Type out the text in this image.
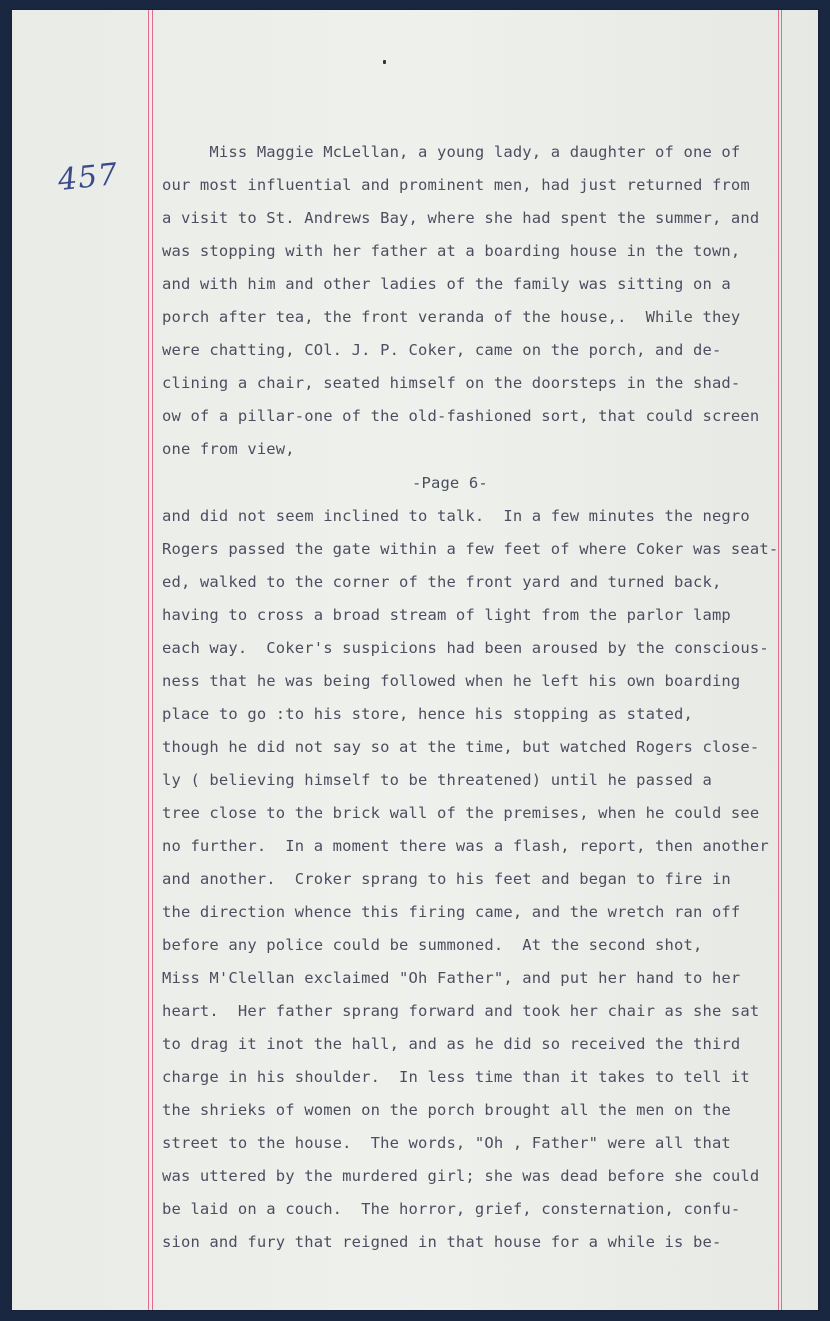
457
Miss Maggie McLellan, a young lady, a daughter of one of
our most influential and prominent men, had just returned from
a visit to St. Andrews Bay, where she had spent the summer, and
was stopping with her father at a boarding house in the town,
and with him and other ladies of the family was sitting on a
porch after tea, the front veranda of the house,.  While they
were chatting, COl. J. P. Coker, came on the porch, and de-
clining a chair, seated himself on the doorsteps in the shad-
ow of a pillar-one of the old-fashioned sort, that could screen
one from view,
-Page 6-
and did not seem inclined to talk.  In a few minutes the negro
Rogers passed the gate within a few feet of where Coker was seat-
ed, walked to the corner of the front yard and turned back,
having to cross a broad stream of light from the parlor lamp
each way.  Coker's suspicions had been aroused by the conscious-
ness that he was being followed when he left his own boarding
place to go :to his store, hence his stopping as stated,
though he did not say so at the time, but watched Rogers close-
ly ( believing himself to be threatened) until he passed a
tree close to the brick wall of the premises, when he could see
no further.  In a moment there was a flash, report, then another
and another.  Croker sprang to his feet and began to fire in
the direction whence this firing came, and the wretch ran off
before any police could be summoned.  At the second shot,
Miss M'Clellan exclaimed "Oh Father", and put her hand to her
heart.  Her father sprang forward and took her chair as she sat
to drag it inot the hall, and as he did so received the third
charge in his shoulder.  In less time than it takes to tell it
the shrieks of women on the porch brought all the men on the
street to the house.  The words, "Oh , Father" were all that
was uttered by the murdered girl; she was dead before she could
be laid on a couch.  The horror, grief, consternation, confu-
sion and fury that reigned in that house for a while is be-
